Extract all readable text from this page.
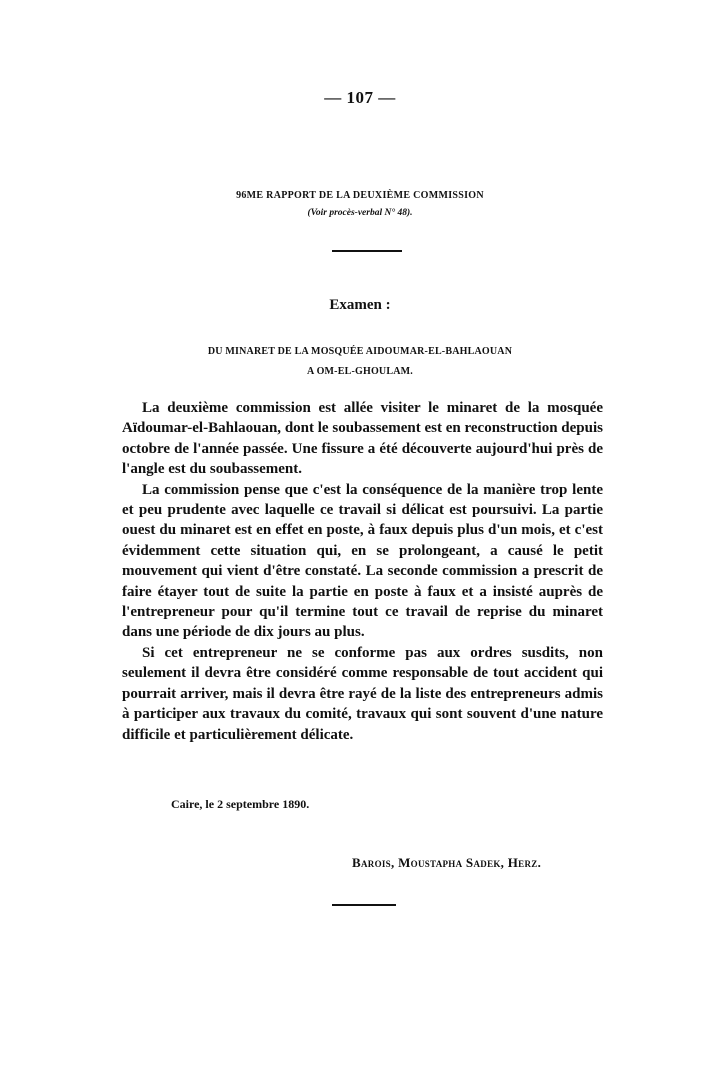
— 107 —
96ME RAPPORT DE LA DEUXIÈME COMMISSION
(Voir procès-verbal N° 48).
Examen :
DU MINARET DE LA MOSQUÉE AIDOUMAR-EL-BAHLAOUAN
A OM-EL-GHOULAM.

La deuxième commission est allée visiter le minaret de la mosquée Aïdoumar-el-Bahlaouan, dont le soubassement est en reconstruction depuis octobre de l'année passée. Une fissure a été découverte aujourd'hui près de l'angle est du soubassement.

La commission pense que c'est la conséquence de la manière trop lente et peu prudente avec laquelle ce travail si délicat est poursuivi. La partie ouest du minaret est en effet en poste, à faux depuis plus d'un mois, et c'est évidemment cette situation qui, en se prolongeant, a causé le petit mouvement qui vient d'être constaté. La seconde commission a prescrit de faire étayer tout de suite la partie en poste à faux et a insisté auprès de l'entrepreneur pour qu'il termine tout ce travail de reprise du minaret dans une période de dix jours au plus.

Si cet entrepreneur ne se conforme pas aux ordres susdits, non seulement il devra être considéré comme responsable de tout accident qui pourrait arriver, mais il devra être rayé de la liste des entrepreneurs admis à participer aux travaux du comité, travaux qui sont souvent d'une nature difficile et particulièrement délicate.

Caire, le 2 septembre 1890.
Barois, Moustapha Sadek, Herz.
